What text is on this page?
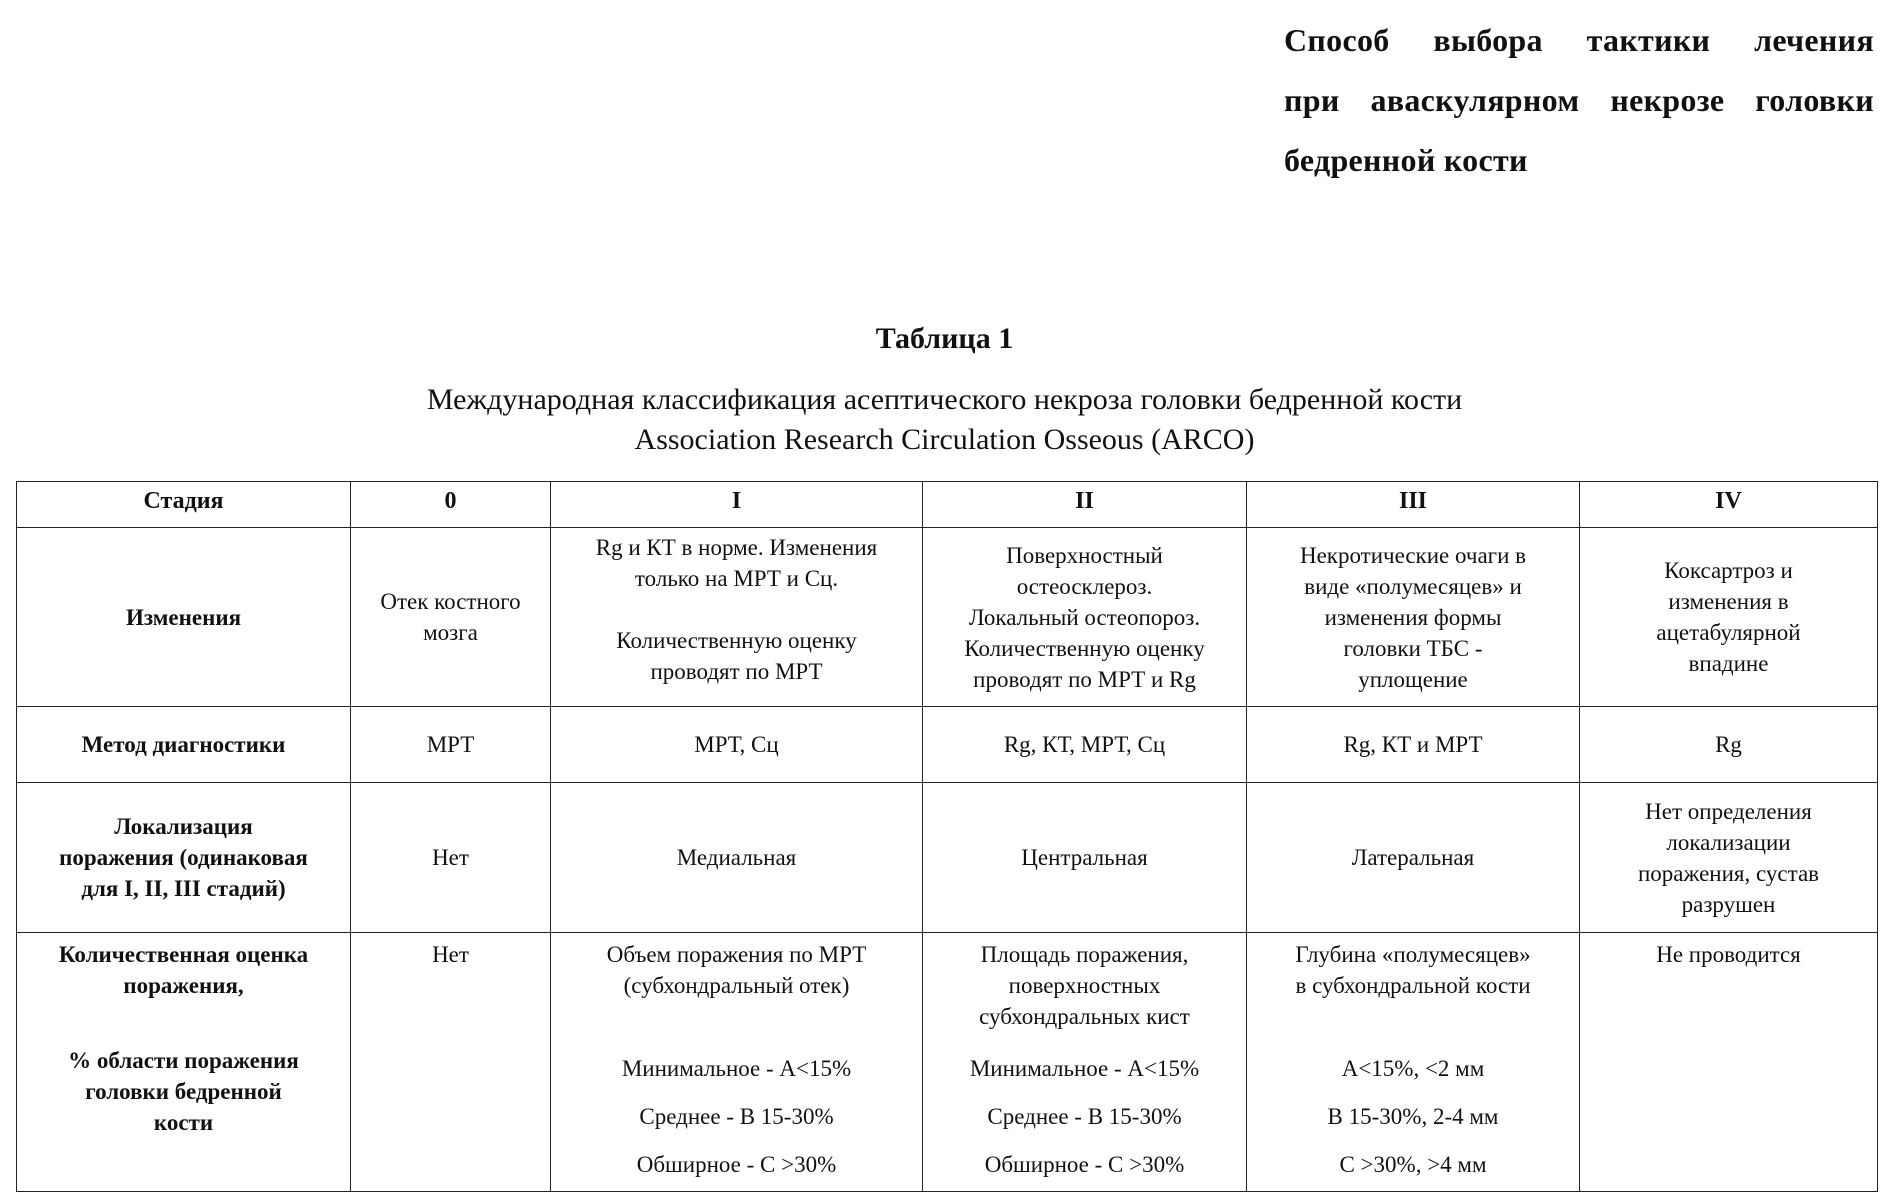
Способ выбора тактики лечения
при аваскулярном некрозе головки
бедренной кости
Таблица 1
Международная классификация асептического некроза головки бедренной кости
Association Research Circulation Osseous (ARCO)
Стадия	0	I	II	III	IV
Изменения	
Отек костного
мозга

Rg и КТ в норме. Изменения
только на МРТ и Сц.
Количественную оценку
проводят по МРТ

Поверхностный
остеосклероз.
Локальный остеопороз.
Количественную оценку
проводят по МРТ и Rg

Некротические очаги в
виде «полумесяцев» и
изменения формы
головки ТБС -
уплощение

Коксартроз и
изменения в
ацетабулярной
впадине

Метод диагностики	МРТ	МРТ, Сц	Rg, КТ, МРТ, Сц	Rg, КТ и МРТ	Rg

Локализация
поражения (одинаковая
для I, II, III стадий)
	Нет	Медиальная	Центральная	Латеральная	
Нет определения
локализации
поражения, сустав
разрушен

Количественная оценка
поражения,
% области поражения
головки бедренной
кости
	Нет	Объем поражения по МРТ
(субхондральный отек)
Минимальное - А<15%
Среднее - В 15-30%
Обширное - С >30%

Площадь поражения,
поверхностных
субхондральных кист
Минимальное - А<15%
Среднее - В 15-30%
Обширное - С >30%

Глубина «полумесяцев»
в субхондральной кости
А<15%, <2 мм
В 15-30%, 2-4 мм
С >30%, >4 мм
	Не проводится
